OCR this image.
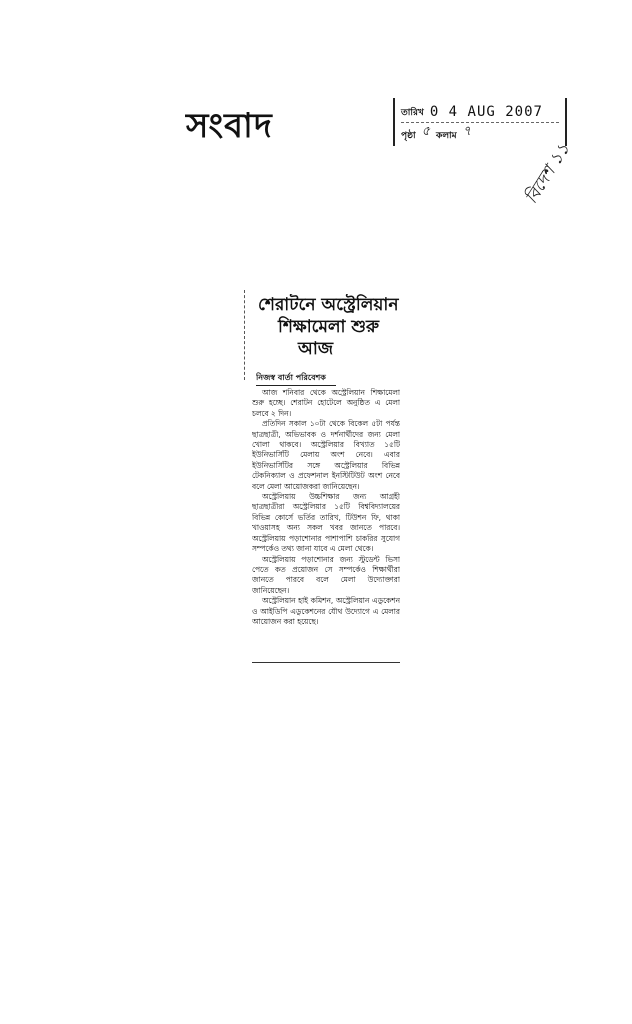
সংবাদ	তারিখ 0 4 AUG 2007
পৃষ্ঠা ৫ কলাম ৭
বিদেশ ১১
শেরাটনে অস্ট্রেলিয়ান
শিক্ষামেলা শুরু
আজ
নিজস্ব বার্তা পরিবেশক

আজ শনিবার থেকে অস্ট্রেলিয়ান শিক্ষামেলা শুরু হচ্ছে। শেরাটন হোটেলে অনুষ্ঠিত এ মেলা চলবে ২ দিন।

প্রতিদিন সকাল ১০টা থেকে বিকেল ৫টা পর্যন্ত ছাত্রছাত্রী, অভিভাবক ও দর্শনার্থীদের জন্য মেলা খোলা থাকবে। অস্ট্রেলিয়ার বিখ্যাত ১৫টি ইউনিভার্সিটি মেলায় অংশ নেবে। এবার ইউনিভার্সিটির সঙ্গে অস্ট্রেলিয়ার বিভিন্ন টেকনিক্যাল ও প্রফেশনাল ইনস্টিটিউট অংশ নেবে বলে মেলা আয়োজকরা জানিয়েছেন।

অস্ট্রেলিয়ায় উচ্চশিক্ষার জন্য আগ্রহী ছাত্রছাত্রীরা অস্ট্রেলিয়ার ১৫টি বিশ্ববিদ্যালয়ের বিভিন্ন কোর্সে ভর্তির তারিখ, টিউশন ফি, থাকা খাওয়াসহ অন্য সকল খবর জানতে পারবে। অস্ট্রেলিয়ায় পড়াশোনার পাশাপাশি চাকরির সুযোগ সম্পর্কেও তথ্য জানা যাবে এ মেলা থেকে।

অস্ট্রেলিয়ায় পড়াশোনার জন্য স্টুডেন্ট ভিসা পেতে কত প্রয়োজন সে সম্পর্কেও শিক্ষার্থীরা জানতে পারবে বলে মেলা উদ্যোক্তারা জানিয়েছেন।

অস্ট্রেলিয়ান হাই কমিশন, অস্ট্রেলিয়ান এডুকেশন ও আইডিপি এডুকেশনের যৌথ উদ্যোগে এ মেলার আয়োজন করা হয়েছে।
